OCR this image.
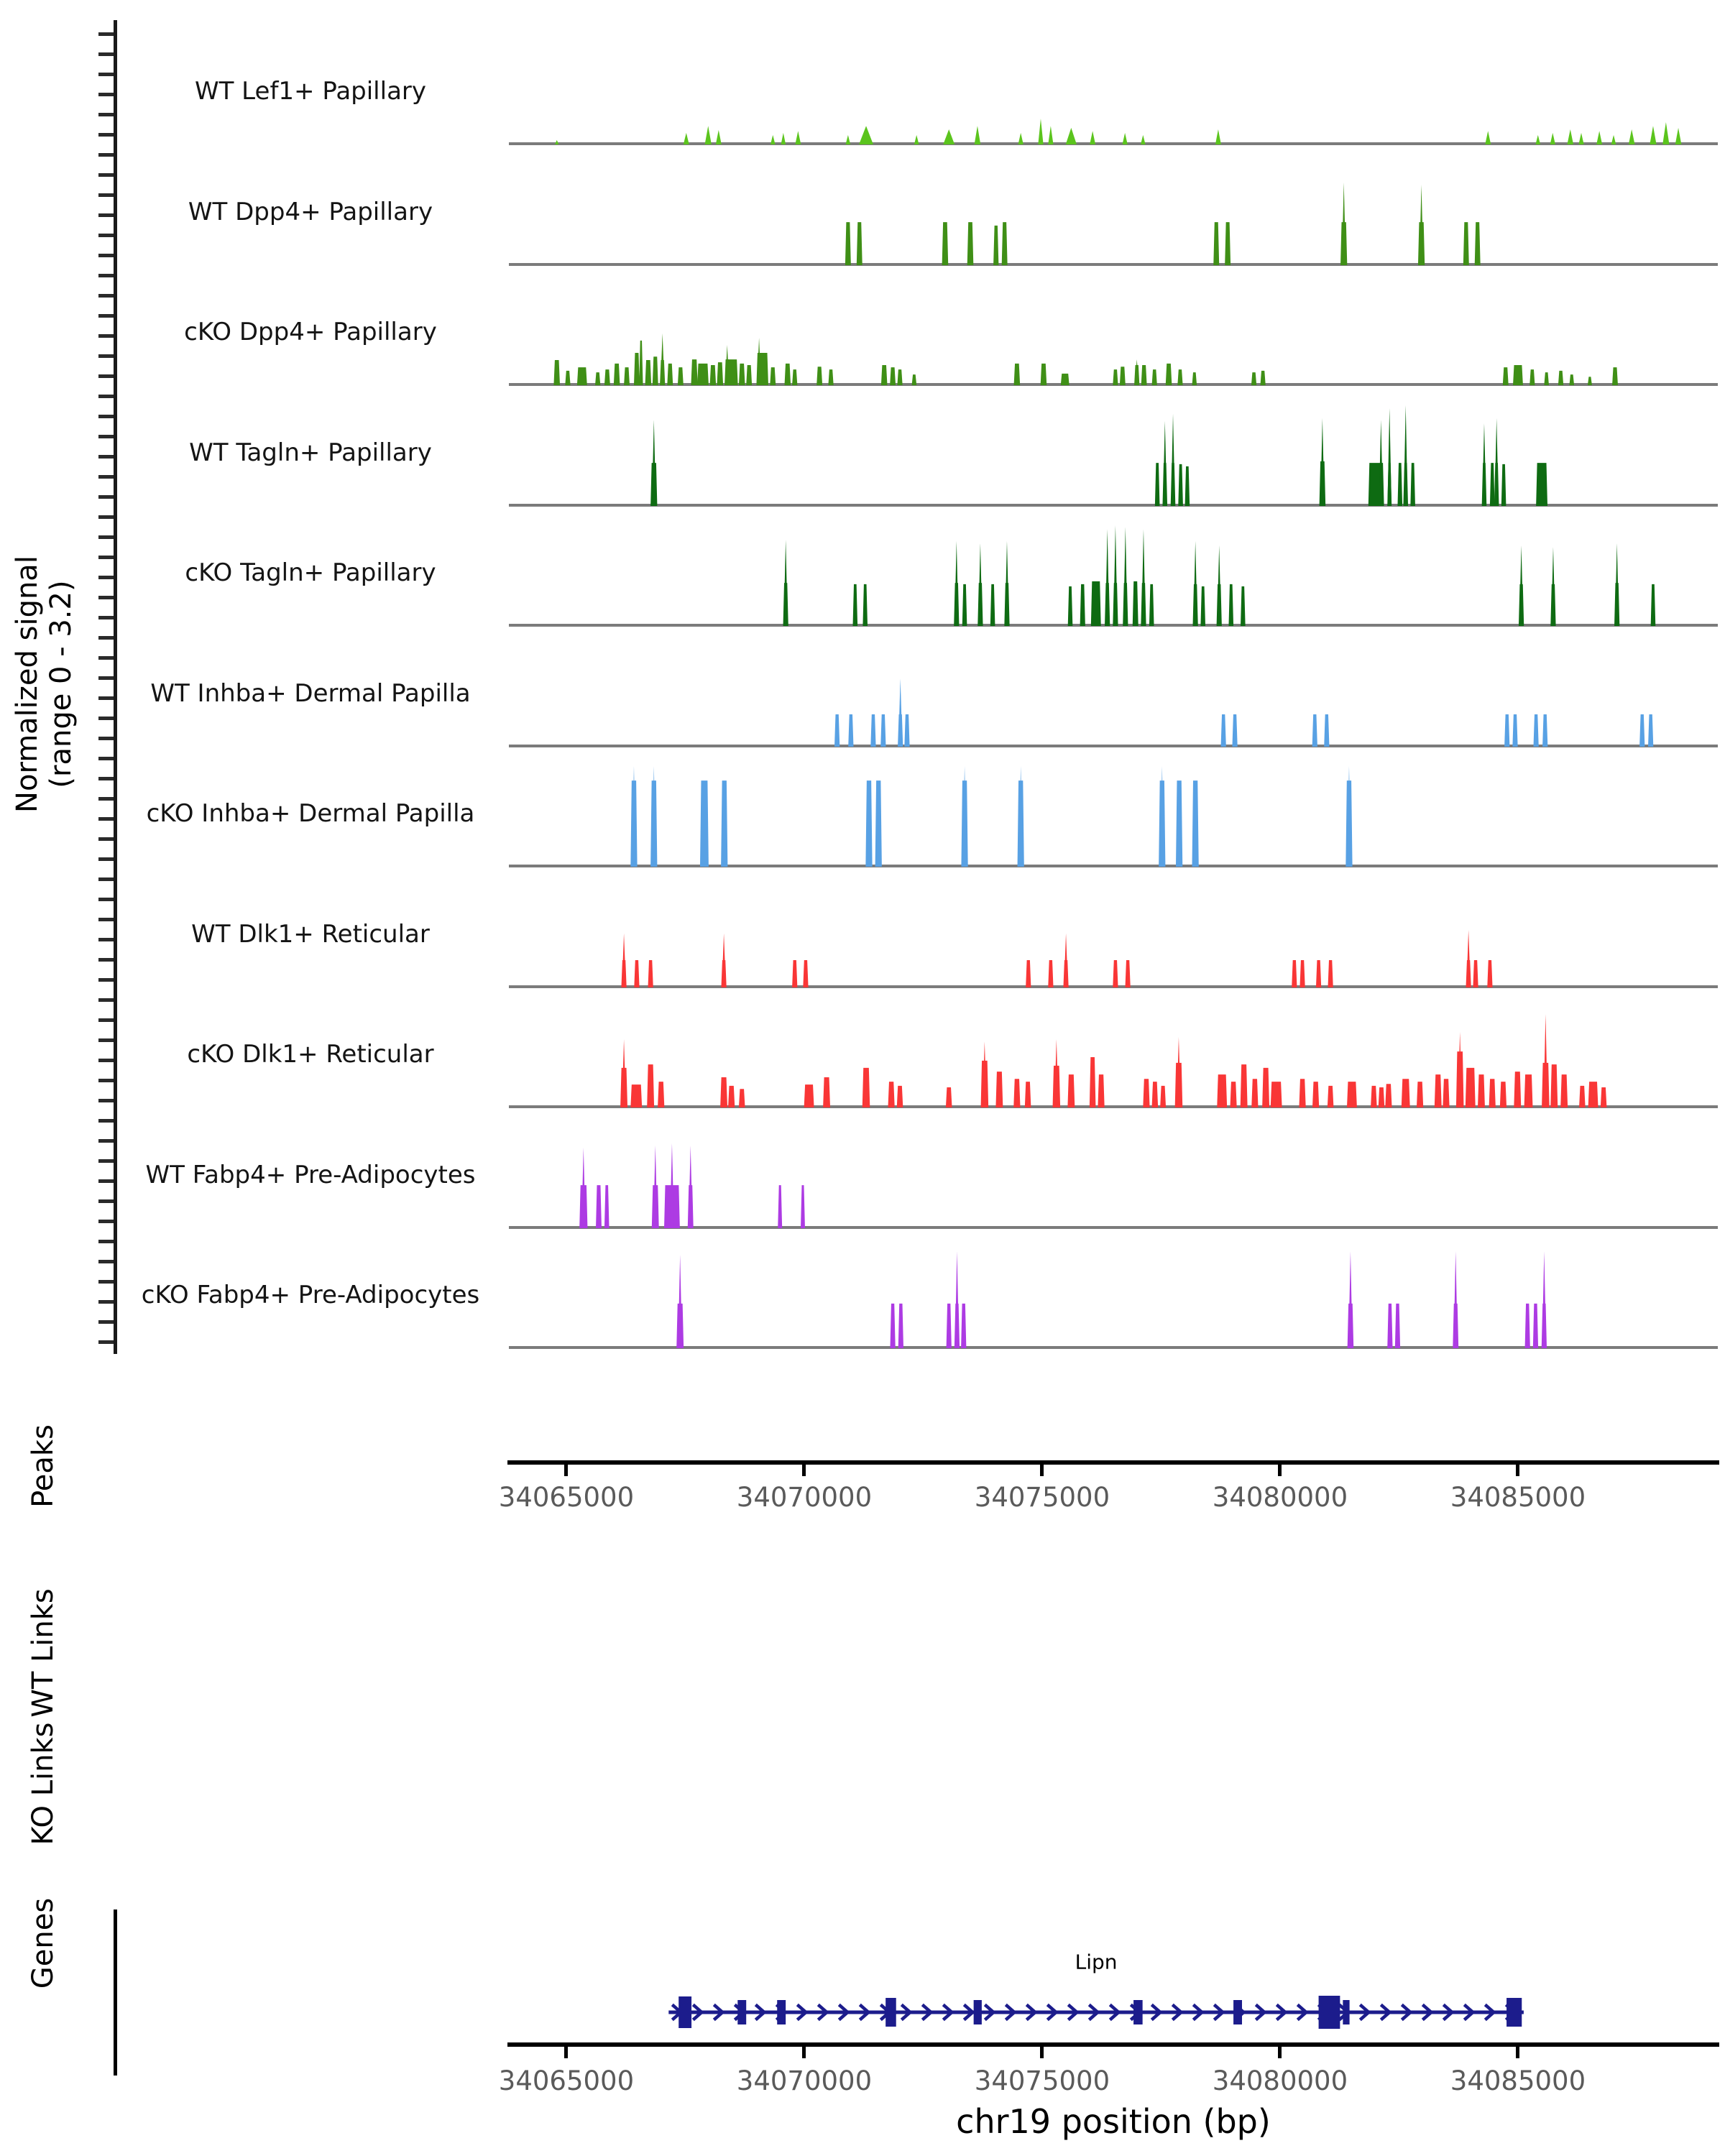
Normalized signal (range 0 - 3.2)
WT Lef1+ Papillary
WT Dpp4+ Papillary
cKO Dpp4+ Papillary
WT Tagln+ Papillary
cKO Tagln+ Papillary
WT Inhba+ Dermal Papilla
cKO Inhba+ Dermal Papilla
WT Dlk1+ Reticular
cKO Dlk1+ Reticular
WT Fabp4+ Pre-Adipocytes
cKO Fabp4+ Pre-Adipocytes
Peaks	34065000	34070000	34075000	34080000	34085000
WT Links
KO Links
Genes	Lipn
34065000	34070000	34075000	34080000	34085000
chr19 position (bp)
